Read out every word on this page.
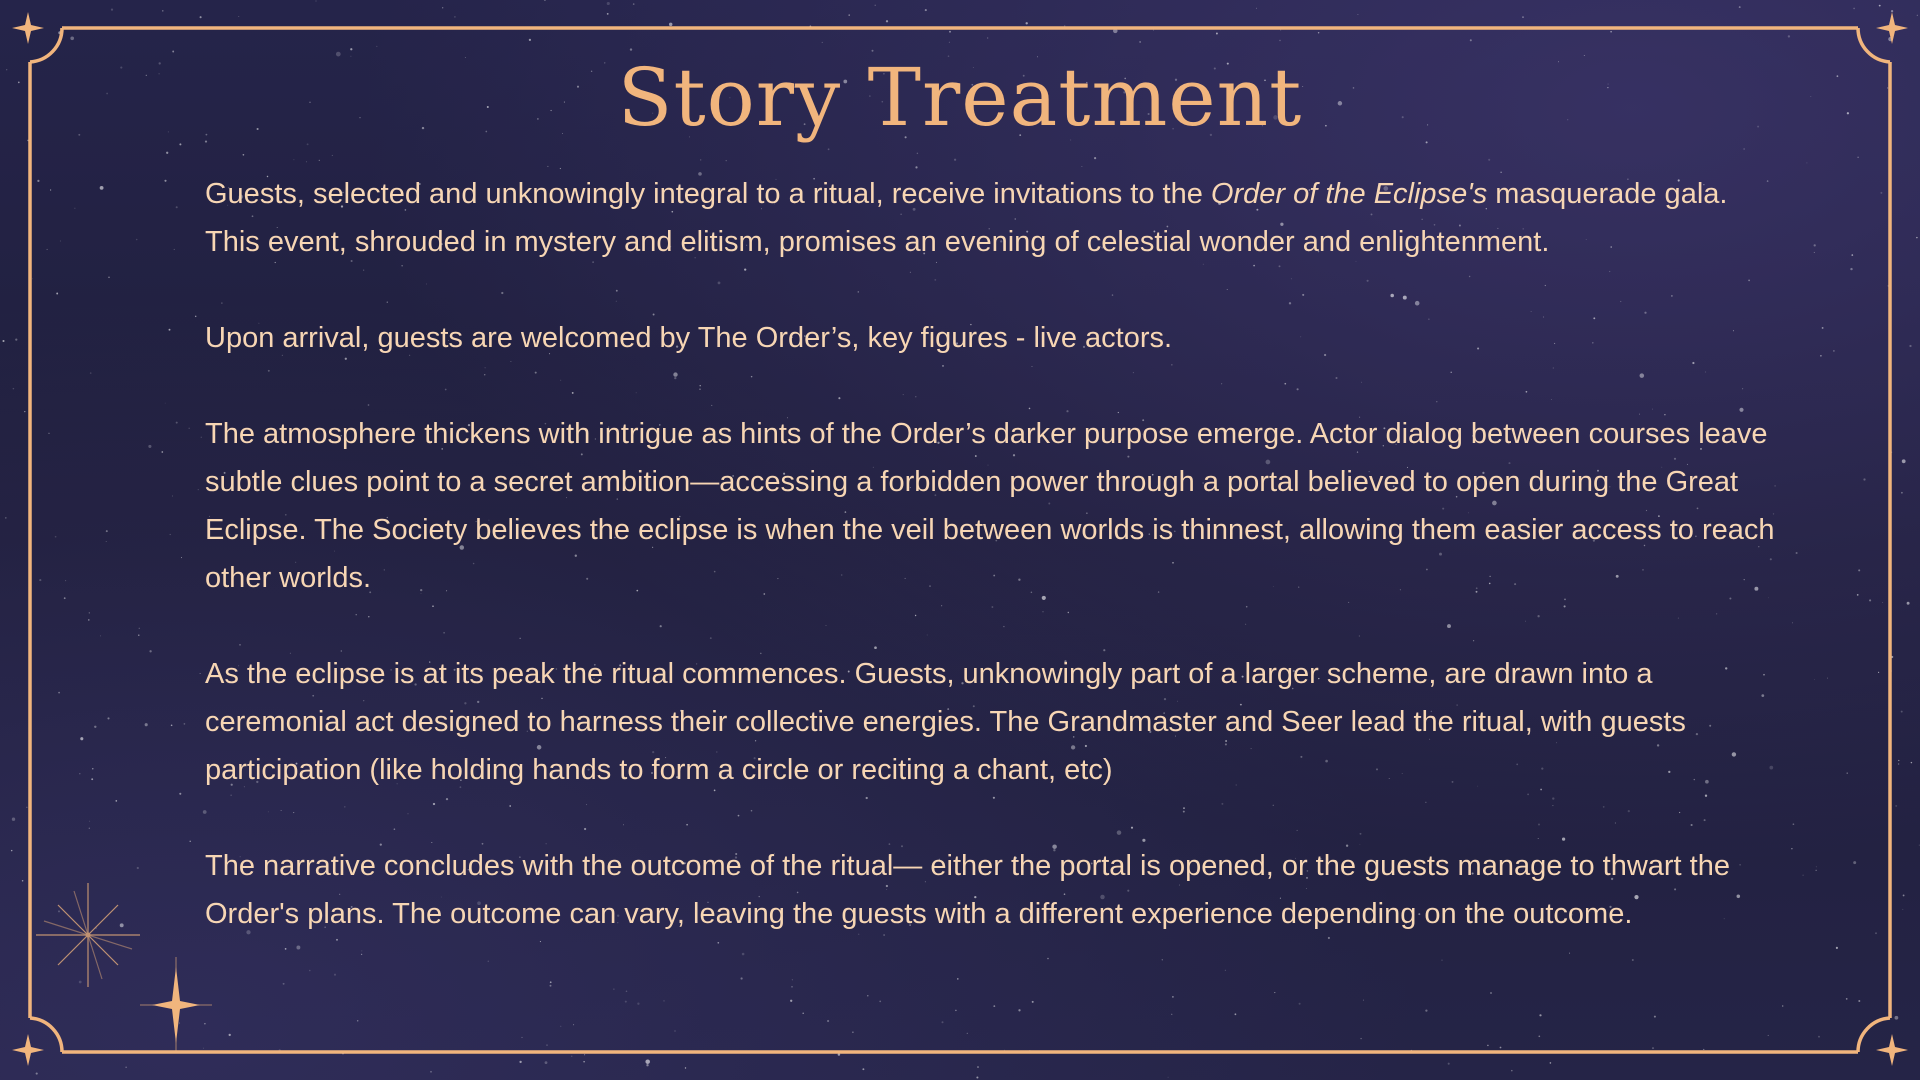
Story Treatment

Guests, selected and unknowingly integral to a ritual, receive invitations to the Order of the Eclipse's masquerade gala. This event, shrouded in mystery and elitism, promises an evening of celestial wonder and enlightenment.

Upon arrival, guests are welcomed by The Order’s, key figures - live actors.

The atmosphere thickens with intrigue as hints of the Order’s darker purpose emerge. Actor dialog between courses leave subtle clues point to a secret ambition—accessing a forbidden power through a portal believed to open during the Great Eclipse. The Society believes the eclipse is when the veil between worlds is thinnest, allowing them easier access to reach other worlds.

As the eclipse is at its peak the ritual commences. Guests, unknowingly part of a larger scheme, are drawn into a ceremonial act designed to harness their collective energies. The Grandmaster and Seer lead the ritual, with guests participation (like holding hands to form a circle or reciting a chant, etc)

The narrative concludes with the outcome of the ritual— either the portal is opened, or the guests manage to thwart the Order's plans. The outcome can vary, leaving the guests with a different experience depending on the outcome.
